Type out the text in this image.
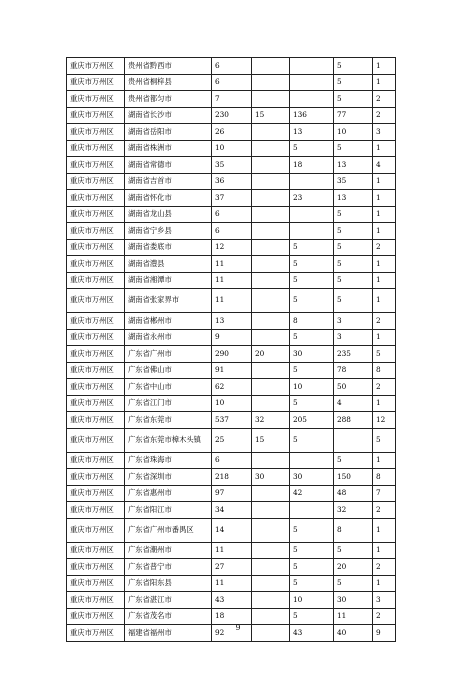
重庆市万州区	贵州省黔西市	6			5	1
重庆市万州区	贵州省桐梓县	6			5	1
重庆市万州区	贵州省都匀市	7			5	2
重庆市万州区	湖南省长沙市	230	15	136	77	2
重庆市万州区	湖南省岳阳市	26		13	10	3
重庆市万州区	湖南省株洲市	10		5	5	1
重庆市万州区	湖南省常德市	35		18	13	4
重庆市万州区	湖南省吉首市	36			35	1
重庆市万州区	湖南省怀化市	37		23	13	1
重庆市万州区	湖南省龙山县	6			5	1
重庆市万州区	湖南省宁乡县	6			5	1
重庆市万州区	湖南省娄底市	12		5	5	2
重庆市万州区	湖南省澧县	11		5	5	1
重庆市万州区	湖南省湘潭市	11		5	5	1
重庆市万州区	湖南省张家界市	11		5	5	1
重庆市万州区	湖南省郴州市	13		8	3	2
重庆市万州区	湖南省永州市	9		5	3	1
重庆市万州区	广东省广州市	290	20	30	235	5
重庆市万州区	广东省佛山市	91		5	78	8
重庆市万州区	广东省中山市	62		10	50	2
重庆市万州区	广东省江门市	10		5	4	1
重庆市万州区	广东省东莞市	537	32	205	288	12
重庆市万州区	广东省东莞市樟木头镇	25	15	5		5
重庆市万州区	广东省珠海市	6			5	1
重庆市万州区	广东省深圳市	218	30	30	150	8
重庆市万州区	广东省惠州市	97		42	48	7
重庆市万州区	广东省阳江市	34			32	2
重庆市万州区	广东省广州市番禺区	14		5	8	1
重庆市万州区	广东省潮州市	11		5	5	1
重庆市万州区	广东省普宁市	27		5	20	2
重庆市万州区	广东省阳东县	11		5	5	1
重庆市万州区	广东省湛江市	43		10	30	3
重庆市万州区	广东省茂名市	18		5	11	2
重庆市万州区	福建省福州市	92		43	40	9
9
